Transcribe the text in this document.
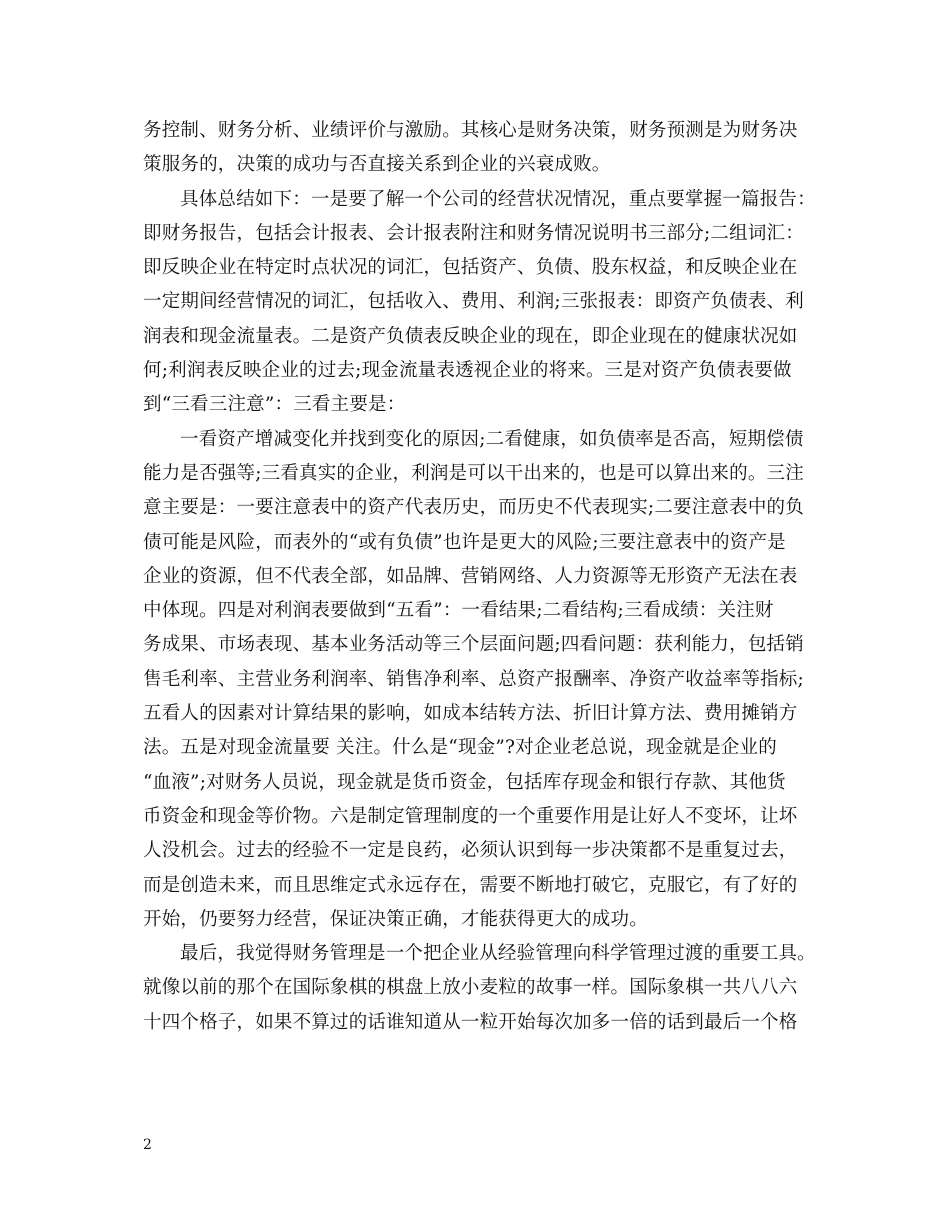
务控制、财务分析、业绩评价与激励。其核心是财务决策，财务预测是为财务决
策服务的，决策的成功与否直接关系到企业的兴衰成败。
具体总结如下：一是要了解一个公司的经营状况情况，重点要掌握一篇报告：
即财务报告，包括会计报表、会计报表附注和财务情况说明书三部分;二组词汇：
即反映企业在特定时点状况的词汇，包括资产、负债、股东权益，和反映企业在
一定期间经营情况的词汇，包括收入、费用、利润;三张报表：即资产负债表、利
润表和现金流量表。二是资产负债表反映企业的现在，即企业现在的健康状况如
何;利润表反映企业的过去;现金流量表透视企业的将来。三是对资产负债表要做
到“三看三注意”：三看主要是：
一看资产增减变化并找到变化的原因;二看健康，如负债率是否高，短期偿债
能力是否强等;三看真实的企业，利润是可以干出来的，也是可以算出来的。三注
意主要是：一要注意表中的资产代表历史，而历史不代表现实;二要注意表中的负
债可能是风险，而表外的“或有负债”也许是更大的风险;三要注意表中的资产是
企业的资源，但不代表全部，如品牌、营销网络、人力资源等无形资产无法在表
中体现。四是对利润表要做到“五看”：一看结果;二看结构;三看成绩：关注财
务成果、市场表现、基本业务活动等三个层面问题;四看问题：获利能力，包括销
售毛利率、主营业务利润率、销售净利率、总资产报酬率、净资产收益率等指标;
五看人的因素对计算结果的影响，如成本结转方法、折旧计算方法、费用摊销方
法。五是对现金流量要 关注。什么是“现金”?对企业老总说，现金就是企业的
“血液”;对财务人员说，现金就是货币资金，包括库存现金和银行存款、其他货
币资金和现金等价物。六是制定管理制度的一个重要作用是让好人不变坏，让坏
人没机会。过去的经验不一定是良药，必须认识到每一步决策都不是重复过去，
而是创造未来，而且思维定式永远存在，需要不断地打破它，克服它，有了好的
开始，仍要努力经营，保证决策正确，才能获得更大的成功。
最后，我觉得财务管理是一个把企业从经验管理向科学管理过渡的重要工具。
就像以前的那个在国际象棋的棋盘上放小麦粒的故事一样。国际象棋一共八八六
十四个格子，如果不算过的话谁知道从一粒开始每次加多一倍的话到最后一个格
2
